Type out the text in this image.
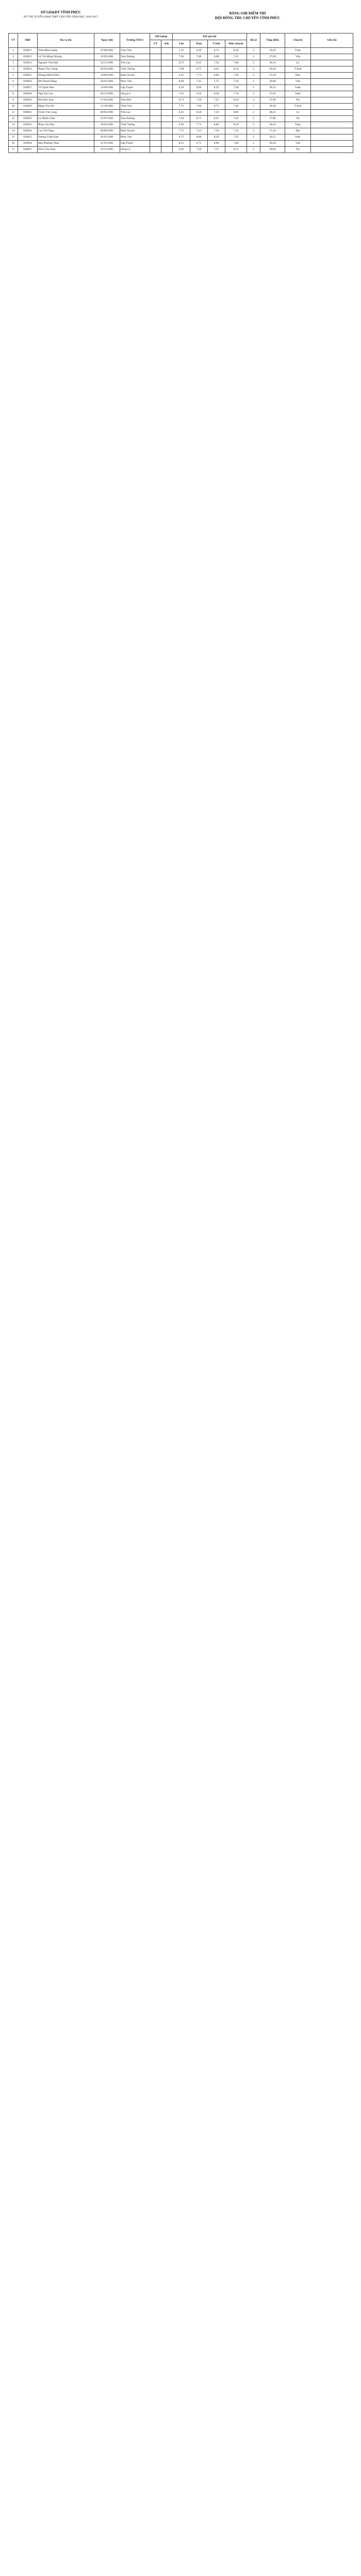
SỞ GD&ĐT VĨNH PHÚC
KỲ THI TUYỂN SINH THPT CHUYÊN NĂM HỌC 2016-2017
BẢNG GHI ĐIỂM THI
HỘI ĐỒNG THI: CHUYÊN VĨNH PHÚC
TT	SBD	Họ và tên	Ngày sinh	Trường THCS	Đối tượng		Kết quả thi				Hệ số	Tổng điểm	Chuyên	Ghi chú
					UT	KK	Văn	Toán	T.Anh	Môn chuyên				
1	020011	Trần Minh Quân	07/08/2001	Vĩnh Yên			7,25	6,50	8,75	8,30	2	39,10	Toán	
2	020012	Lê Thị Hồng Nhung	12/03/2001	Tam Dương			7,50	7,00	8,00	7,25	2	37,00	Văn	
3	020013	Nguyễn Văn Đức	22/11/2001	Yên Lạc			6,75	8,25	7,50	7,80	2	38,10	Lý	
4	020014	Phạm Thu Trang	05/05/2001	Vĩnh Tường			7,00	6,75	9,25	8,10	2	39,20	T.Anh	
5	020015	Hoàng Minh Khôi	19/09/2001	Bình Xuyên			6,25	7,75	8,00	7,60	2	37,20	Hóa	
6	020016	Đỗ Thanh Hằng	30/01/2001	Phúc Yên			8,00	7,25	7,75	7,50	2	38,00	Văn	
7	020017	Vũ Quốc Bảo	14/06/2001	Lập Thạch			6,50	8,00	8,25	7,90	2	38,55	Toán	
8	020018	Ngô Thị Lan	02/12/2001	Sông Lô			7,25	6,50	8,50	7,70	2	37,65	Sinh	
9	020019	Bùi Đức Anh	27/04/2001	Tam Đảo			6,75	7,50	7,25	8,20	2	37,90	Tin	
10	020020	Đặng Thu Hà	11/10/2001	Vĩnh Yên			7,75	7,00	8,75	7,40	2	38,30	T.Anh	
11	020021	Trịnh Văn Long	08/02/2001	Yên Lạc			6,25	8,50	7,50	8,00	2	38,25	Lý	
12	020022	Lý Minh Châu	25/07/2001	Tam Dương			7,50	6,75	8,25	7,65	2	37,80	Sử	
13	020023	Phan Gia Huy	16/03/2001	Vĩnh Tường			6,50	7,75	8,00	8,10	2	38,45	Toán	
14	020024	Cao Thị Ngọc	09/09/2001	Bình Xuyên			7,75	7,25	7,50	7,35	2	37,20	Địa	
15	020025	Dương Tuấn Kiệt	03/05/2001	Phúc Yên			6,75	8,00	8,50	7,95	2	39,15	Hóa	
16	020026	Mai Phương Thảo	21/01/2001	Lập Thạch			8,25	6,75	8,00	7,60	2	38,20	Văn	
17	020027	Kiều Văn Nam	13/11/2001	Sông Lô			6,50	7,50	7,75	8,15	2	38,05	Tin	
